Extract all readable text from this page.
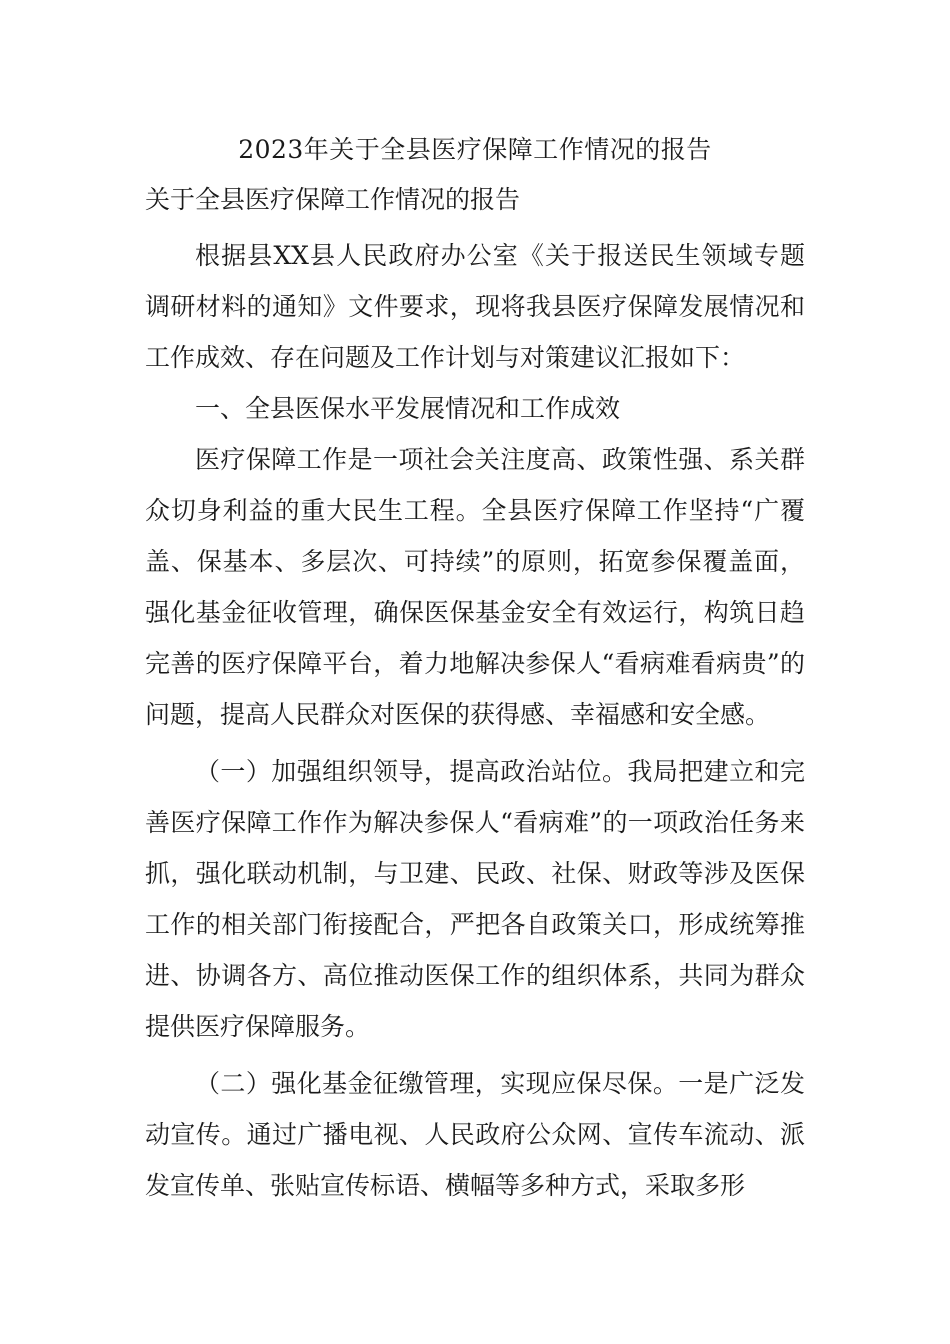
2023年关于全县医疗保障工作情况的报告
关于全县医疗保障工作情况的报告

根据县XX县人民政府办公室《关于报送民生领域专题调研材料的通知》文件要求，现将我县医疗保障发展情况和工作成效、存在问题及工作计划与对策建议汇报如下：

一、全县医保水平发展情况和工作成效

医疗保障工作是一项社会关注度高、政策性强、系关群众切身利益的重大民生工程。全县医疗保障工作坚持“广覆盖、保基本、多层次、可持续”的原则，拓宽参保覆盖面，强化基金征收管理，确保医保基金安全有效运行，构筑日趋完善的医疗保障平台，着力地解决参保人“看病难看病贵”的问题，提高人民群众对医保的获得感、幸福感和安全感。

（一）加强组织领导，提高政治站位。我局把建立和完善医疗保障工作作为解决参保人“看病难”的一项政治任务来抓，强化联动机制，与卫建、民政、社保、财政等涉及医保工作的相关部门衔接配合，严把各自政策关口，形成统筹推进、协调各方、高位推动医保工作的组织体系，共同为群众提供医疗保障服务。

（二）强化基金征缴管理，实现应保尽保。一是广泛发动宣传。通过广播电视、人民政府公众网、宣传车流动、派发宣传单、张贴宣传标语、横幅等多种方式，采取多形
